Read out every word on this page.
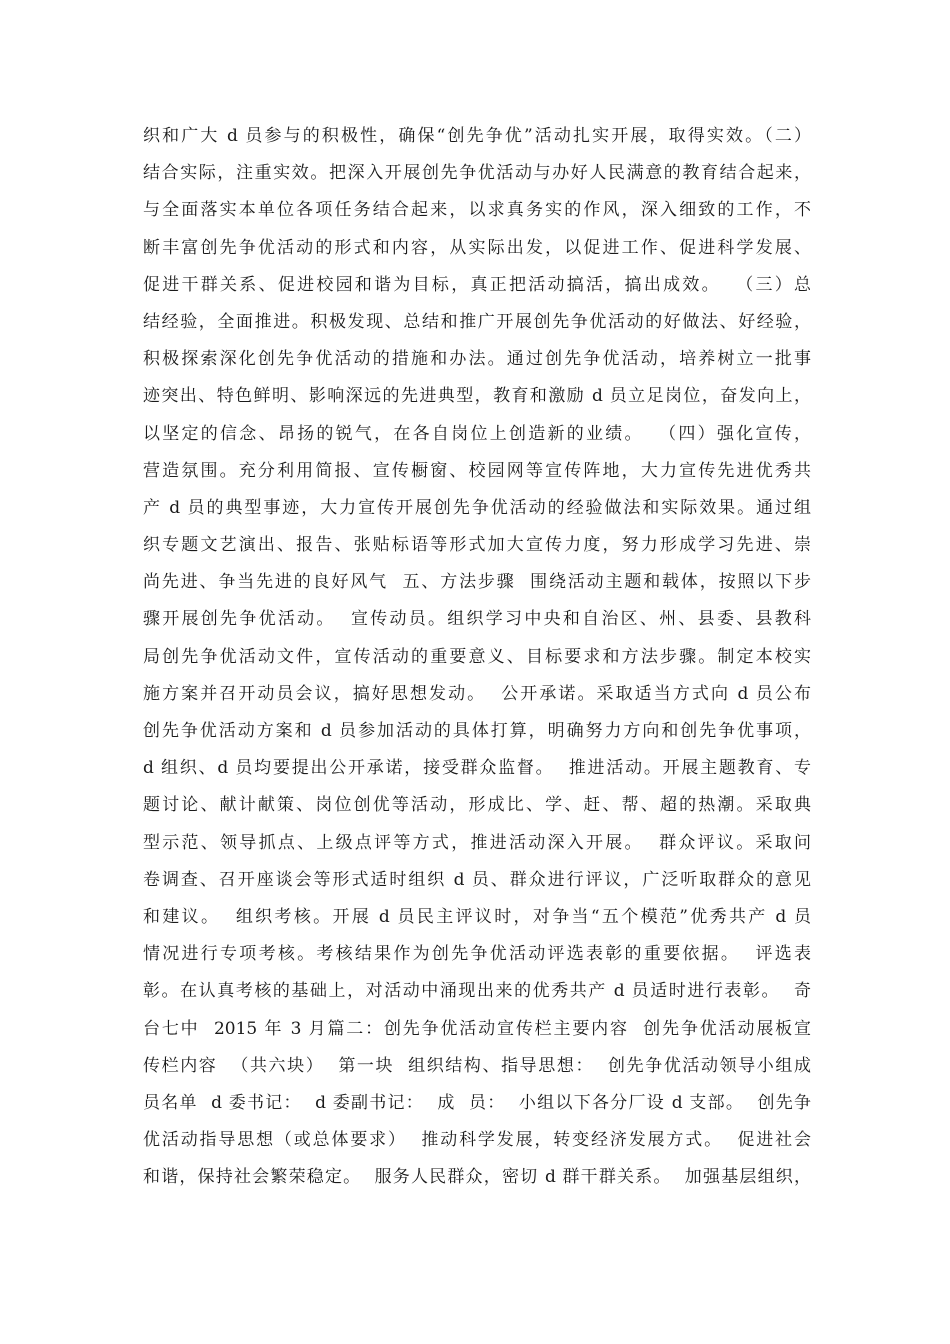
织和广大 d 员参与的积极性，确保“创先争优”活动扎实开展，取得实效。（二）
结合实际，注重实效。把深入开展创先争优活动与办好人民满意的教育结合起来，
与全面落实本单位各项任务结合起来，以求真务实的作风，深入细致的工作，不
断丰富创先争优活动的形式和内容，从实际出发，以促进工作、促进科学发展、
促进干群关系、促进校园和谐为目标，真正把活动搞活，搞出成效。  （三）总
结经验，全面推进。积极发现、总结和推广开展创先争优活动的好做法、好经验，
积极探索深化创先争优活动的措施和办法。通过创先争优活动，培养树立一批事
迹突出、特色鲜明、影响深远的先进典型，教育和激励 d 员立足岗位，奋发向上，
以坚定的信念、昂扬的锐气，在各自岗位上创造新的业绩。  （四）强化宣传，
营造氛围。充分利用简报、宣传橱窗、校园网等宣传阵地，大力宣传先进优秀共
产 d 员的典型事迹，大力宣传开展创先争优活动的经验做法和实际效果。通过组
织专题文艺演出、报告、张贴标语等形式加大宣传力度，努力形成学习先进、崇
尚先进、争当先进的良好风气  五、方法步骤  围绕活动主题和载体，按照以下步
骤开展创先争优活动。  宣传动员。组织学习中央和自治区、州、县委、县教科
局创先争优活动文件，宣传活动的重要意义、目标要求和方法步骤。制定本校实
施方案并召开动员会议，搞好思想发动。  公开承诺。采取适当方式向 d 员公布
创先争优活动方案和 d 员参加活动的具体打算，明确努力方向和创先争优事项，
d 组织、d 员均要提出公开承诺，接受群众监督。  推进活动。开展主题教育、专
题讨论、献计献策、岗位创优等活动，形成比、学、赶、帮、超的热潮。采取典
型示范、领导抓点、上级点评等方式，推进活动深入开展。  群众评议。采取问
卷调查、召开座谈会等形式适时组织 d 员、群众进行评议，广泛听取群众的意见
和建议。  组织考核。开展 d 员民主评议时，对争当“五个模范”优秀共产 d 员
情况进行专项考核。考核结果作为创先争优活动评选表彰的重要依据。  评选表
彰。在认真考核的基础上，对活动中涌现出来的优秀共产 d 员适时进行表彰。  奇
台七中  2015 年 3 月篇二：创先争优活动宣传栏主要内容  创先争优活动展板宣
传栏内容  （共六块）  第一块  组织结构、指导思想：  创先争优活动领导小组成
员名单  d 委书记：  d 委副书记：  成  员：  小组以下各分厂设 d 支部。  创先争
优活动指导思想（或总体要求）  推动科学发展，转变经济发展方式。  促进社会
和谐，保持社会繁荣稳定。  服务人民群众，密切 d 群干群关系。  加强基层组织，
